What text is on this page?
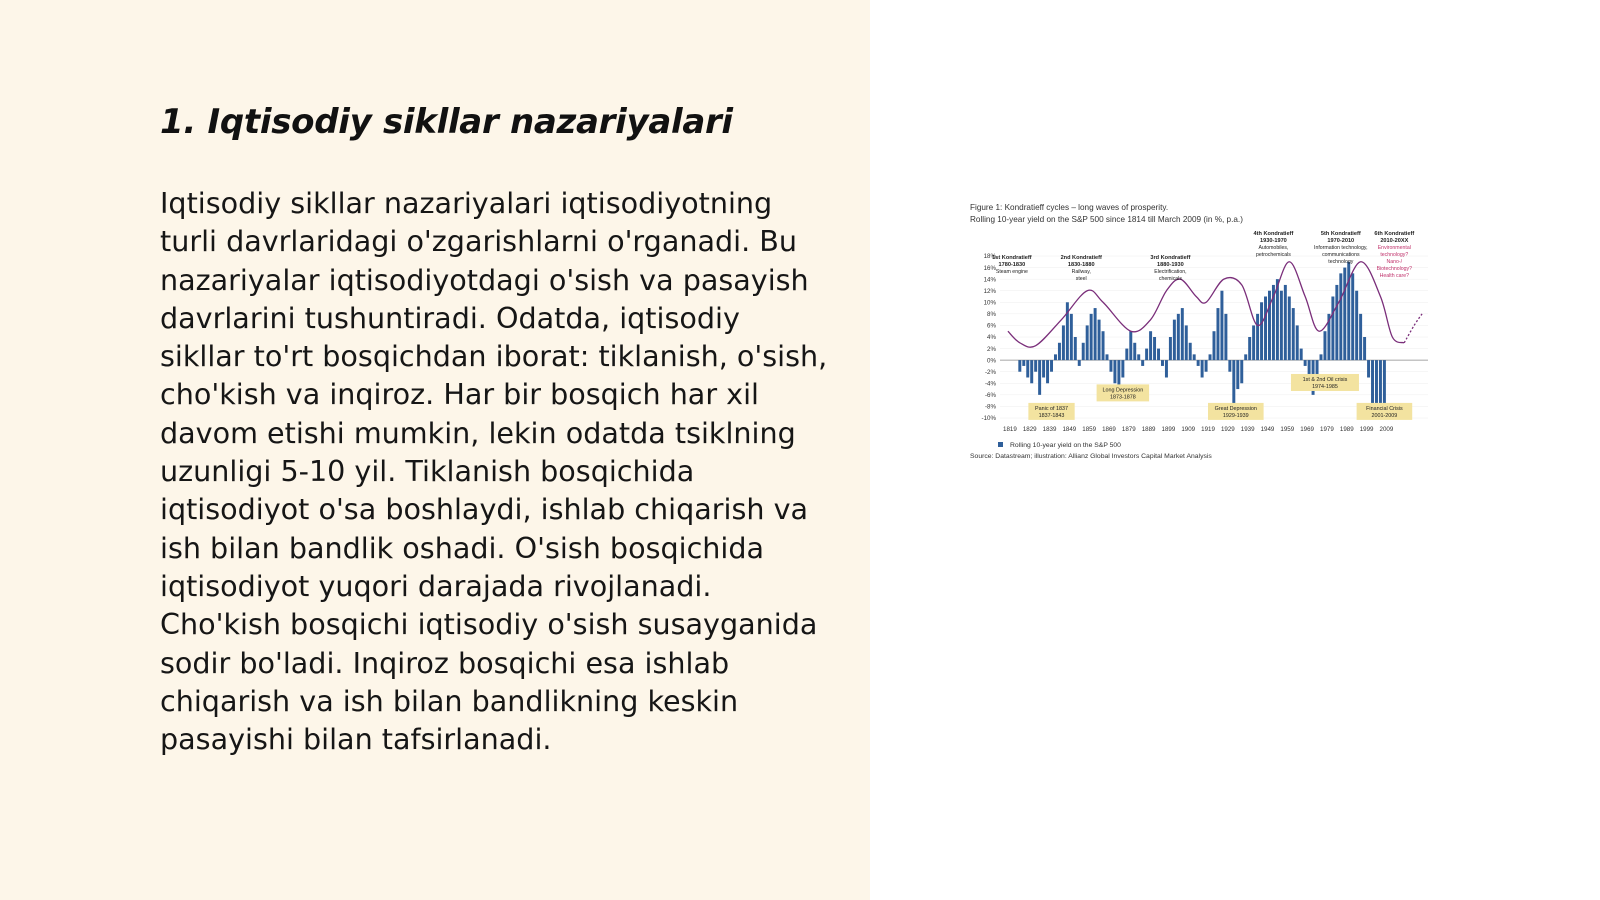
1. Iqtisodiy sikllar nazariyalari

Iqtisodiy sikllar nazariyalari iqtisodiyotning turli davrlaridagi o'zgarishlarni o'rganadi. Bu nazariyalar iqtisodiyotdagi o'sish va pasayish davrlarini tushuntiradi. Odatda, iqtisodiy sikllar to'rt bosqichdan iborat: tiklanish, o'sish, cho'kish va inqiroz. Har bir bosqich har xil davom etishi mumkin, lekin odatda tsiklning uzunligi 5-10 yil. Tiklanish bosqichida iqtisodiyot o'sa boshlaydi, ishlab chiqarish va ish bilan bandlik oshadi. O'sish bosqichida iqtisodiyot yuqori darajada rivojlanadi. Cho'kish bosqichi iqtisodiy o'sish susayganida sodir bo'ladi. Inqiroz bosqichi esa ishlab chiqarish va ish bilan bandlikning keskin pasayishi bilan tafsirlanadi.

Figure 1: Kondratieff cycles – long waves of prosperity.
Rolling 10-year yield on the S&P 500 since 1814 till March 2009 (in %, p.a.)
18%
16%
14%
12%
10%
8%
6%
4%
2%
0%
-2%
-4%
-6%
-8%
-10%
1819 1829 1839 1849 1859 1869 1879 1889 1899 1909 1919 1929 1939 1949 1959 1969 1979 1989 1999 2009
1st Kondratieff
1780-1830
Steam engine
2nd Kondratieff
1830-1880
Railway,
steel
3rd Kondratieff
1880-1930
Electrification,
chemicals
4th Kondratieff
1930-1970
Automobiles,
petrochemicals
5th Kondratieff
1970-2010
Information technology,
communications
technology
6th Kondratieff
2010-20XX
Environmental
technology?
Nano-/
Biotechnology?
Health care?
Panic of 1837
1837-1843
Long Depression
1873-1878
Great Depression
1929-1939
1st & 2nd Oil crisis
1974-1985
Financial Crisis
2001-2009
Rolling 10-year yield on the S&P 500
Source: Datastream; illustration: Allianz Global Investors Capital Market Analysis
